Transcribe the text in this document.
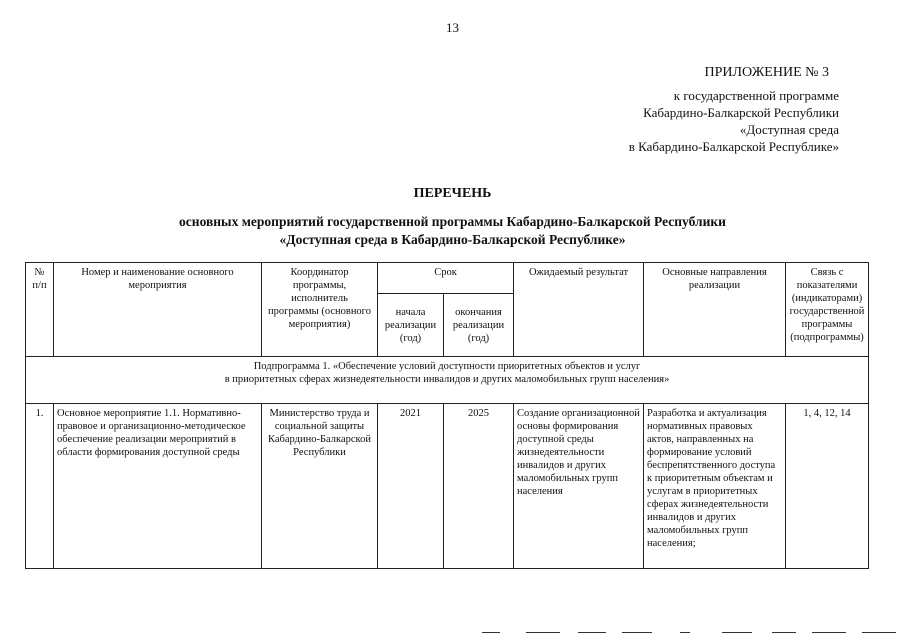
13
ПРИЛОЖЕНИЕ № 3
к государственной программе
Кабардино-Балкарской Республики
«Доступная среда
в Кабардино-Балкарской Республике»
ПЕРЕЧЕНЬ
основных мероприятий государственной программы Кабардино-Балкарской Республики
«Доступная среда в Кабардино-Балкарской Республике»
№ п/п	Номер и наименование основного мероприятия	Координатор программы, исполнитель программы (основного мероприятия)	Срок		Ожидаемый результат	Основные направления реализации	Связь с показателями (индикаторами) государственной программы (подпрограммы)
			начала реализации (год)	окончания реализации (год)			

Подпрограмма 1. «Обеспечение условий доступности приоритетных объектов и услуг
в приоритетных сферах жизнедеятельности инвалидов и других маломобильных групп населения»							

1.	Основное мероприятие 1.1. Нормативно-правовое и организационно-методическое обеспечение реализации мероприятий в области формирования доступной среды	Министерство труда и социальной защиты Кабардино-Балкарской Республики	2021	2025	Создание организационной основы формирования доступной среды жизнедеятельности инвалидов и других маломобильных групп населения	Разработка и актуализация нормативных правовых актов, направленных на формирование условий беспрепятственного доступа к приоритетным объектам и услугам в приоритетных сферах жизнедеятельности инвалидов и других маломобильных групп населения;	1, 4, 12, 14
